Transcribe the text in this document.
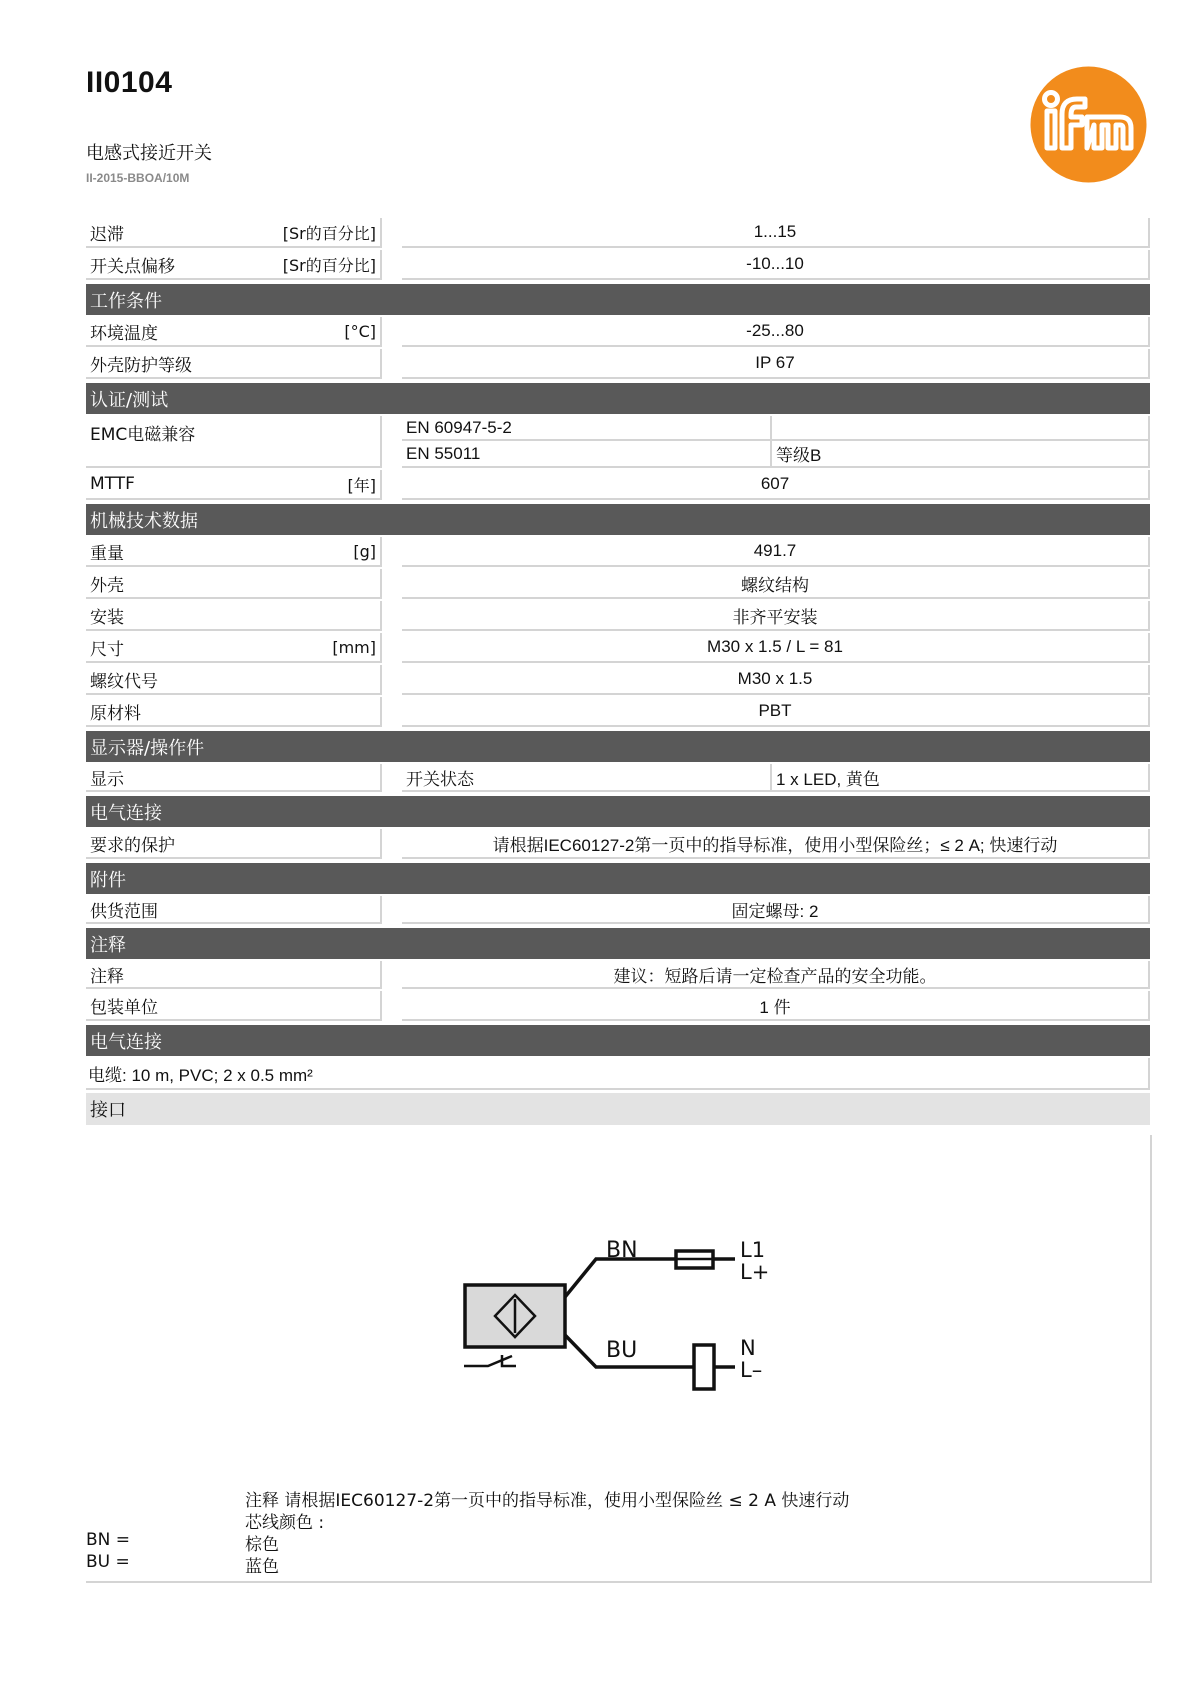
II0104
电感式接近开关
II-2015-BBOA/10M
迟滞	[Sr的百分比]	1...15
开关点偏移	[Sr的百分比]	-10...10
工作条件
环境温度	[°C]	-25...80
外壳防护等级	IP 67
认证/测试
EMC电磁兼容	EN 60947-5-2
EN 55011	等级B
MTTF	[年]	607
机械技术数据
重量	[g]	491.7
外壳	螺纹结构
安装	非齐平安装
尺寸	[mm]	M30 x 1.5 / L = 81
螺纹代号	M30 x 1.5
原材料	PBT
显示器/操作件
显示	开关状态	1 x LED, 黄色
电气连接
要求的保护	请根据IEC60127-2第一页中的指导标准，使用小型保险丝；≤ 2 A; 快速行动
附件
供货范围	固定螺母: 2
注释
注释	建议：短路后请一定检查产品的安全功能。
包装单位	1 件
电气连接
电缆: 10 m, PVC; 2 x 0.5 mm²
接口
BN
BU
L1
L+
N
L–
注释 请根据IEC60127-2第一页中的指导标准，使用小型保险丝 ≤ 2 A 快速行动
芯线颜色 :
BN =	棕色
BU =	蓝色
